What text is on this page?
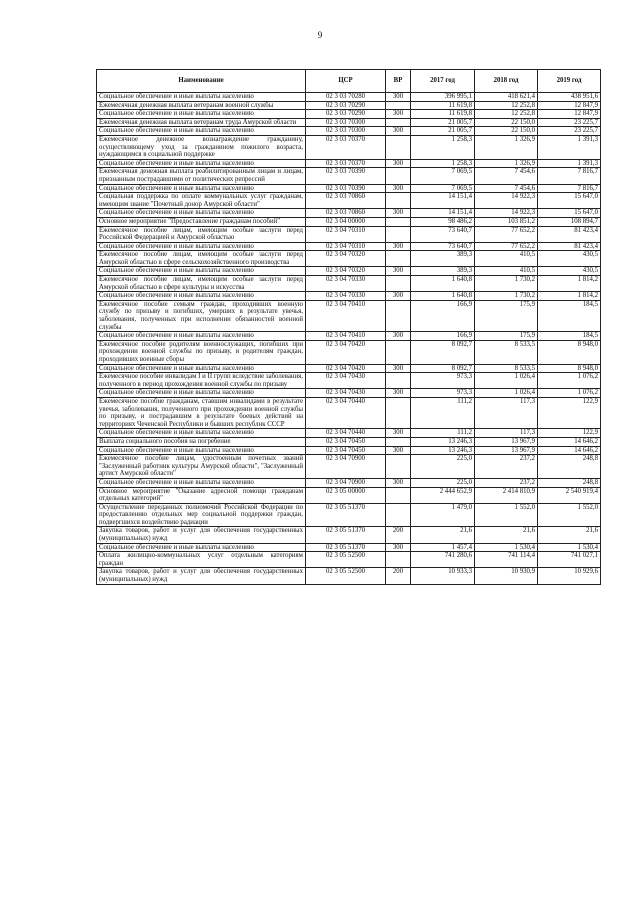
9
Наименование	ЦСР	ВР	2017 год	2018 год	2019 год
Социальное обеспечение и иные выплаты населению	02 3 03 70280	300	396 995,1	418 621,4	438 951,6
Ежемесячная денежная выплата ветеранам военной службы	02 3 03 70290		11 619,8	12 252,8	12 847,9
Социальное обеспечение и иные выплаты населению	02 3 03 70290	300	11 619,8	12 252,8	12 847,9
Ежемесячная денежная выплата ветеранам труда Амурской области	02 3 03 70300		21 005,7	22 150,0	23 225,7
Социальное обеспечение и иные выплаты населению	02 3 03 70300	300	21 005,7	22 150,0	23 225,7
Ежемесячное денежное вознаграждение гражданину, осуществляющему уход за гражданином пожилого возраста, нуждающимся в социальной поддержке	02 3 03 70370		1 258,3	1 326,9	1 391,3
Социальное обеспечение и иные выплаты населению	02 3 03 70370	300	1 258,3	1 326,9	1 391,3
Ежемесячная денежная выплата реабилитированным лицам и лицам, признанным пострадавшими от политических репрессий	02 3 03 70390		7 069,5	7 454,6	7 816,7
Социальное обеспечение и иные выплаты населению	02 3 03 70390	300	7 069,5	7 454,6	7 816,7
Социальная поддержка по оплате коммунальных услуг гражданам, имеющим звание "Почетный донор Амурской области"	02 3 03 70860		14 151,4	14 922,3	15 647,0
Социальное обеспечение и иные выплаты населению	02 3 03 70860	300	14 151,4	14 922,3	15 647,0
Основное мероприятие "Предоставление гражданам пособий"	02 3 04 00000		98 486,2	103 851,2	108 894,7
Ежемесячное пособие лицам, имеющим особые заслуги перед Российской Федерацией и Амурской областью	02 3 04 70310		73 640,7	77 652,2	81 423,4
Социальное обеспечение и иные выплаты населению	02 3 04 70310	300	73 640,7	77 652,2	81 423,4
Ежемесячное пособие лицам, имеющим особые заслуги перед Амурской областью в сфере сельскохозяйственного производства	02 3 04 70320		389,3	410,5	430,5
Социальное обеспечение и иные выплаты населению	02 3 04 70320	300	389,3	410,5	430,5
Ежемесячное пособие лицам, имеющим особые заслуги перед Амурской областью в сфере культуры и искусства	02 3 04 70330		1 640,8	1 730,2	1 814,2
Социальное обеспечение и иные выплаты населению	02 3 04 70330	300	1 640,8	1 730,2	1 814,2
Ежемесячное пособие семьям граждан, проходивших военную службу по призыву и погибших, умерших в результате увечья, заболевания, полученных при исполнении обязанностей военной службы	02 3 04 70410		166,9	175,9	184,5
Социальное обеспечение и иные выплаты населению	02 3 04 70410	300	166,9	175,9	184,5
Ежемесячное пособие родителям военнослужащих, погибших при прохождении военной службы по призыву, и родителям граждан, проходивших военные сборы	02 3 04 70420		8 092,7	8 533,5	8 948,0
Социальное обеспечение и иные выплаты населению	02 3 04 70420	300	8 092,7	8 533,5	8 948,0
Ежемесячное пособие инвалидам I и II групп вследствие заболевания, полученного в период прохождения военной службы по призыву	02 3 04 70430		973,3	1 026,4	1 076,2
Социальное обеспечение и иные выплаты населению	02 3 04 70430	300	973,3	1 026,4	1 076,2
Ежемесячное пособие гражданам, ставшим инвалидами в результате увечья, заболевания, полученного при прохождении военной службы по призыву, и пострадавшим в результате боевых действий на территориях Чеченской Республики и бывших республик СССР	02 3 04 70440		111,2	117,3	122,9
Социальное обеспечение и иные выплаты населению	02 3 04 70440	300	111,2	117,3	122,9
Выплата социального пособия на погребение	02 3 04 70450		13 246,3	13 967,9	14 646,2
Социальное обеспечение и иные выплаты населению	02 3 04 70450	300	13 246,3	13 967,9	14 646,2
Ежемесячное пособие лицам, удостоенным почетных званий "Заслуженный работник культуры Амурской области", "Заслуженный артист Амурской области"	02 3 04 70900		225,0	237,2	248,8
Социальное обеспечение и иные выплаты населению	02 3 04 70900	300	225,0	237,2	248,8
Основное мероприятие "Оказание адресной помощи гражданам отдельных категорий"	02 3 05 00000		2 444 652,9	2 414 810,9	2 540 919,4
Осуществление переданных полномочий Российской Федерации по предоставлению отдельных мер социальной поддержки граждан, подвергшихся воздействию радиации	02 3 05 51370		1 479,0	1 552,0	1 552,0
Закупка товаров, работ и услуг для обеспечения государственных (муниципальных) нужд	02 3 05 51370	200	21,6	21,6	21,6
Социальное обеспечение и иные выплаты населению	02 3 05 51370	300	1 457,4	1 530,4	1 530,4
Оплата жилищно-коммунальных услуг отдельным категориям граждан	02 3 05 52500		741 280,6	741 114,4	741 027,1
Закупка товаров, работ и услуг для обеспечения государственных (муниципальных) нужд	02 3 05 52500	200	10 933,3	10 930,9	10 929,6
